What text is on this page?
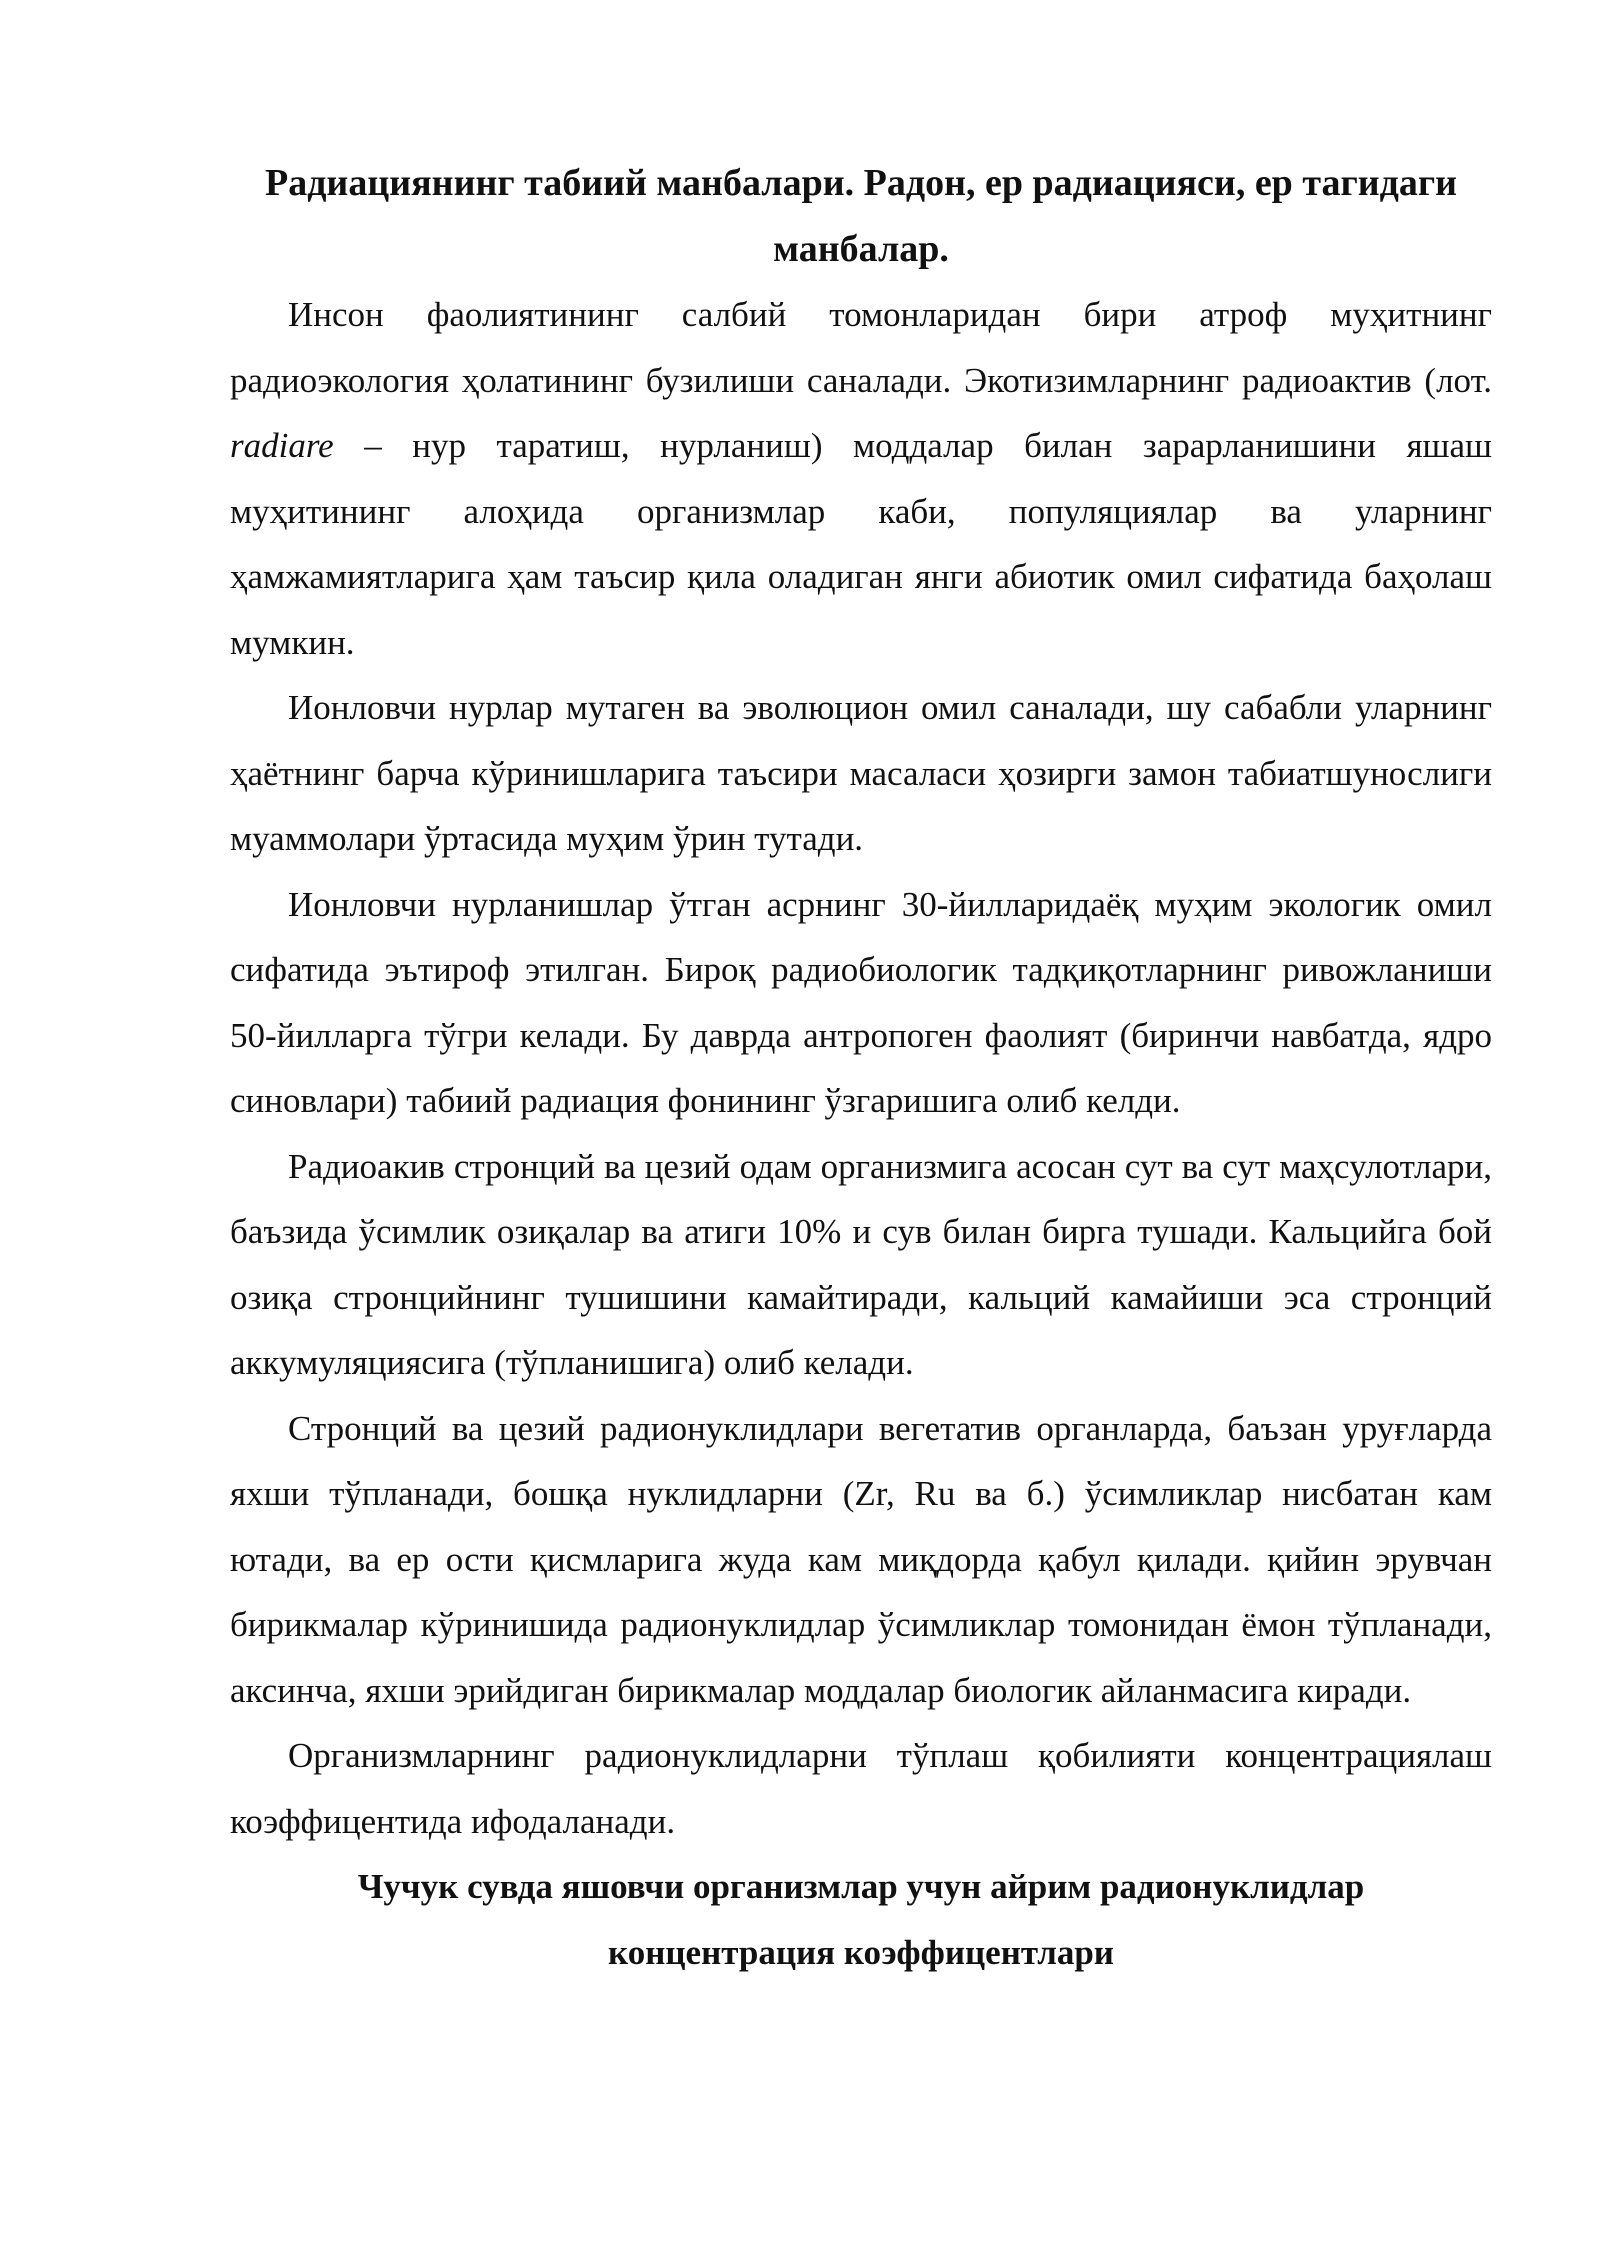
Радиациянинг табиий манбалари. Радон, ер радиацияси, ер тагидаги манбалар.

Инсон фаолиятининг салбий томонларидан бири атроф муҳитнинг радиоэкология ҳолатининг бузилиши саналади. Экотизимларнинг радиоактив (лот. radiare – нур таратиш, нурланиш) моддалар билан зарарланишини яшаш муҳитининг алоҳида организмлар каби, популяциялар ва уларнинг ҳамжамиятларига ҳам таъсир қила оладиган янги абиотик омил сифатида баҳолаш мумкин.

Ионловчи нурлар мутаген ва эволюцион омил саналади, шу сабабли уларнинг ҳаётнинг барча кўринишларига таъсири масаласи ҳозирги замон табиатшунослиги муаммолари ўртасида муҳим ўрин тутади.

Ионловчи нурланишлар ўтган асрнинг 30-йилларидаёқ муҳим экологик омил сифатида эътироф этилган. Бироқ радиобиологик тадқиқотларнинг ривожланиши 50-йилларга тўгри келади. Бу даврда антропоген фаолият (биринчи навбатда, ядро синовлари) табиий радиация фонининг ўзгаришига олиб келди.

Радиоакив стронций ва цезий одам организмига асосан сут ва сут маҳсулотлари, баъзида ўсимлик озиқалар ва атиги 10% и сув билан бирга тушади. Кальцийга бой озиқа стронцийнинг тушишини камайтиради, кальций камайиши эса стронций аккумуляциясига (тўпланишига) олиб келади.

Стронций ва цезий радионуклидлари вегетатив органларда, баъзан уруғларда яхши тўпланади, бошқа нуклидларни (Zr, Ru ва б.) ўсимликлар нисбатан кам ютади, ва ер ости қисмларига жуда кам миқдорда қабул қилади. қийин эрувчан бирикмалар кўринишида радионуклидлар ўсимликлар томонидан ёмон тўпланади, аксинча, яхши эрийдиган бирикмалар моддалар биологик айланмасига киради.

Организмларнинг радионуклидларни тўплаш қобилияти концентрациялаш коэффицентида ифодаланади.

Чучук сувда яшовчи организмлар учун айрим радионуклидлар концентрация коэффицентлари
